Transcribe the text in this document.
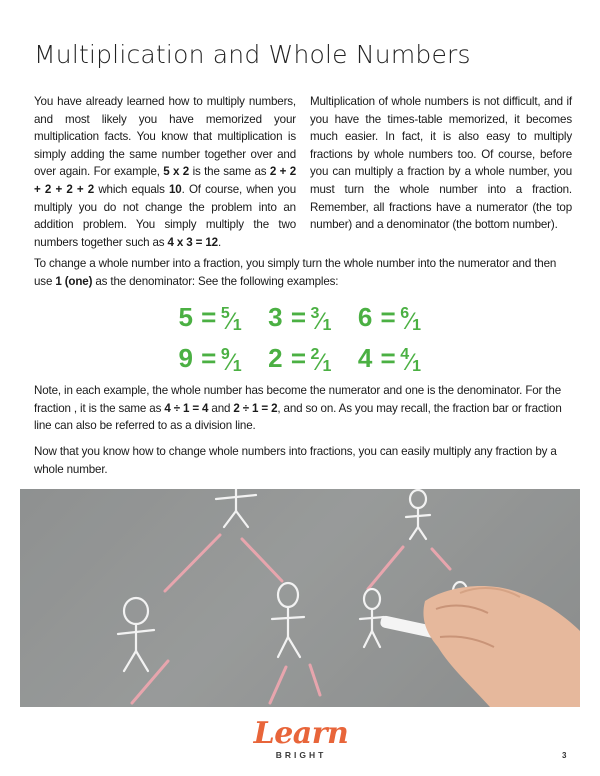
Multiplication and Whole Numbers
You have already learned how to multiply numbers, and most likely you have memorized your multiplication facts. You know that multiplication is simply adding the same number together over and over again. For example, 5 x 2 is the same as 2 + 2 + 2 + 2 + 2 which equals 10. Of course, when you multiply you do not change the problem into an addition problem. You simply multiply the two numbers together such as 4 x 3 = 12.
Multiplication of whole numbers is not difficult, and if you have the times-table memorized, it becomes much easier. In fact, it is also easy to multiply fractions by whole numbers too. Of course, before you can multiply a fraction by a whole number, you must turn the whole number into a fraction. Remember, all fractions have a numerator (the top number) and a denominator (the bottom number).
To change a whole number into a fraction, you simply turn the whole number into the numerator and then use 1 (one) as the denominator: See the following examples:
5 = 5 ⁄ 1 3 = 3 ⁄ 1 6 = 6 ⁄ 1
9 = 9 ⁄ 1 2 = 2 ⁄ 1 4 = 4 ⁄ 1
Note, in each example, the whole number has become the numerator and one is the denominator. For the fraction , it is the same as 4 ÷ 1 = 4 and 2 ÷ 1 = 2, and so on. As you may recall, the fraction bar or fraction line can also be referred to as a division line.
Now that you know how to change whole numbers into fractions, you can easily multiply any fraction by a whole number.
Learn
BRIGHT	3
